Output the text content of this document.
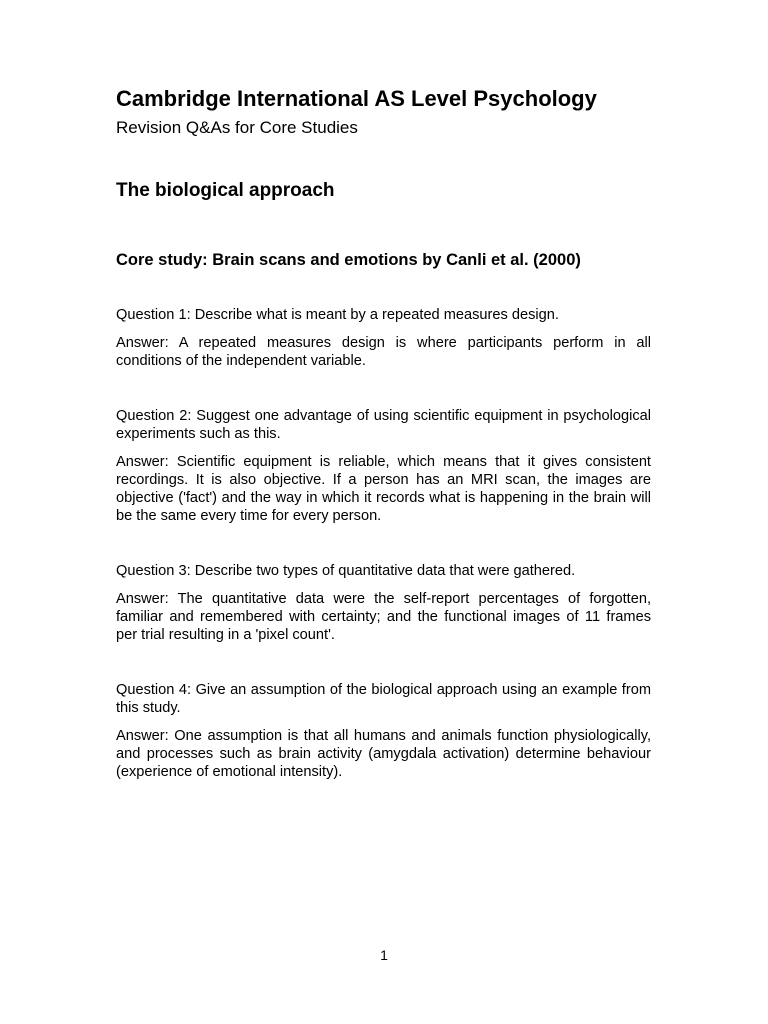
Cambridge International AS Level Psychology

Revision Q&As for Core Studies

The biological approach
Core study: Brain scans and emotions by Canli et al. (2000)

Question 1: Describe what is meant by a repeated measures design.

Answer: A repeated measures design is where participants perform in all conditions of the independent variable.

Question 2: Suggest one advantage of using scientific equipment in psychological experiments such as this.

Answer: Scientific equipment is reliable, which means that it gives consistent recordings. It is also objective. If a person has an MRI scan, the images are objective ('fact') and the way in which it records what is happening in the brain will be the same every time for every person.

Question 3: Describe two types of quantitative data that were gathered.

Answer: The quantitative data were the self-report percentages of forgotten, familiar and remembered with certainty; and the functional images of 11 frames per trial resulting in a 'pixel count'.

Question 4: Give an assumption of the biological approach using an example from this study.

Answer: One assumption is that all humans and animals function physiologically, and processes such as brain activity (amygdala activation) determine behaviour (experience of emotional intensity).

1
